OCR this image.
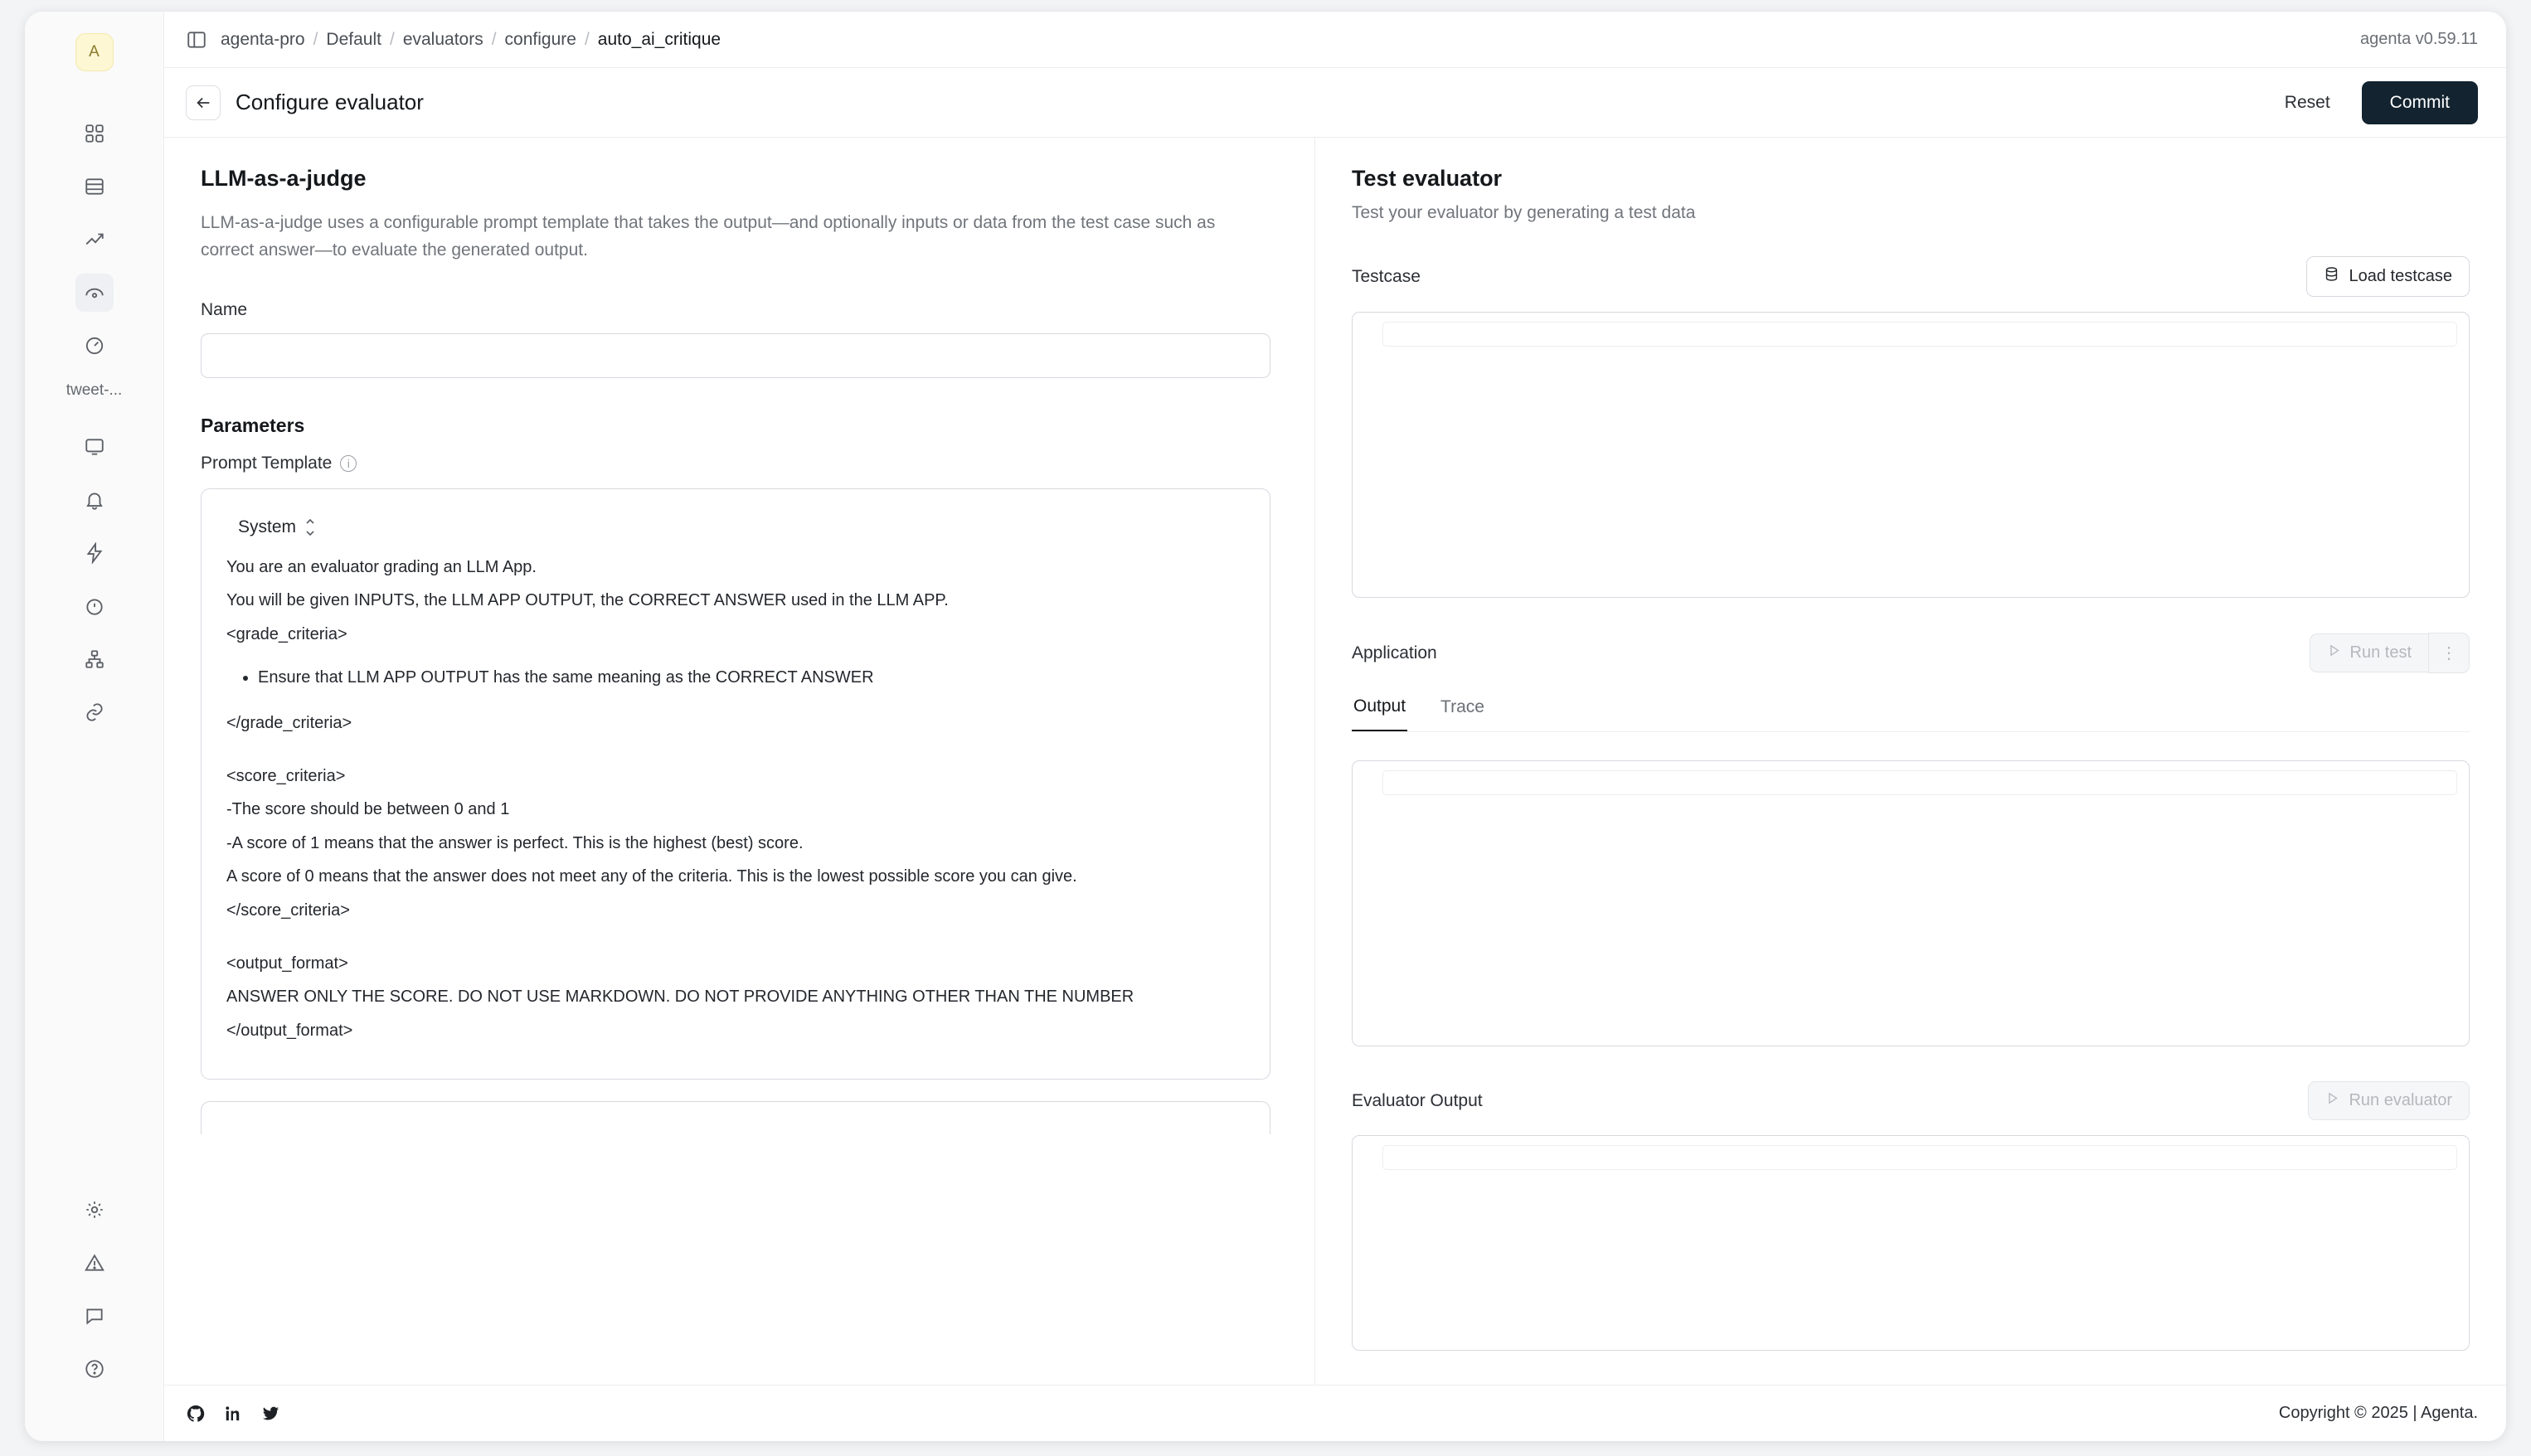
A
tweet-...
agenta-pro / Default / evaluators / configure / auto_ai_critique	agenta v0.59.11
Configure evaluator	Reset	Commit
LLM-as-a-judge

LLM-as-a-judge uses a configurable prompt template that takes the output—and optionally inputs or data from the test case such as correct answer—to evaluate the generated output.

Name
Parameters
Prompt Template	i
System

You are an evaluator grading an LLM App.

You will be given INPUTS, the LLM APP OUTPUT, the CORRECT ANSWER used in the LLM APP.

<grade_criteria>

• Ensure that LLM APP OUTPUT has the same meaning as the CORRECT ANSWER

</grade_criteria>

<score_criteria>

-The score should be between 0 and 1

-A score of 1 means that the answer is perfect. This is the highest (best) score.

A score of 0 means that the answer does not meet any of the criteria. This is the lowest possible score you can give.

</score_criteria>

<output_format>

ANSWER ONLY THE SCORE. DO NOT USE MARKDOWN. DO NOT PROVIDE ANYTHING OTHER THAN THE NUMBER

</output_format>

Test evaluator

Test your evaluator by generating a test data

Testcase	Load testcase
Application	Run test	⋮
Output Trace
Evaluator Output	Run evaluator
Copyright © 2025 | Agenta.
